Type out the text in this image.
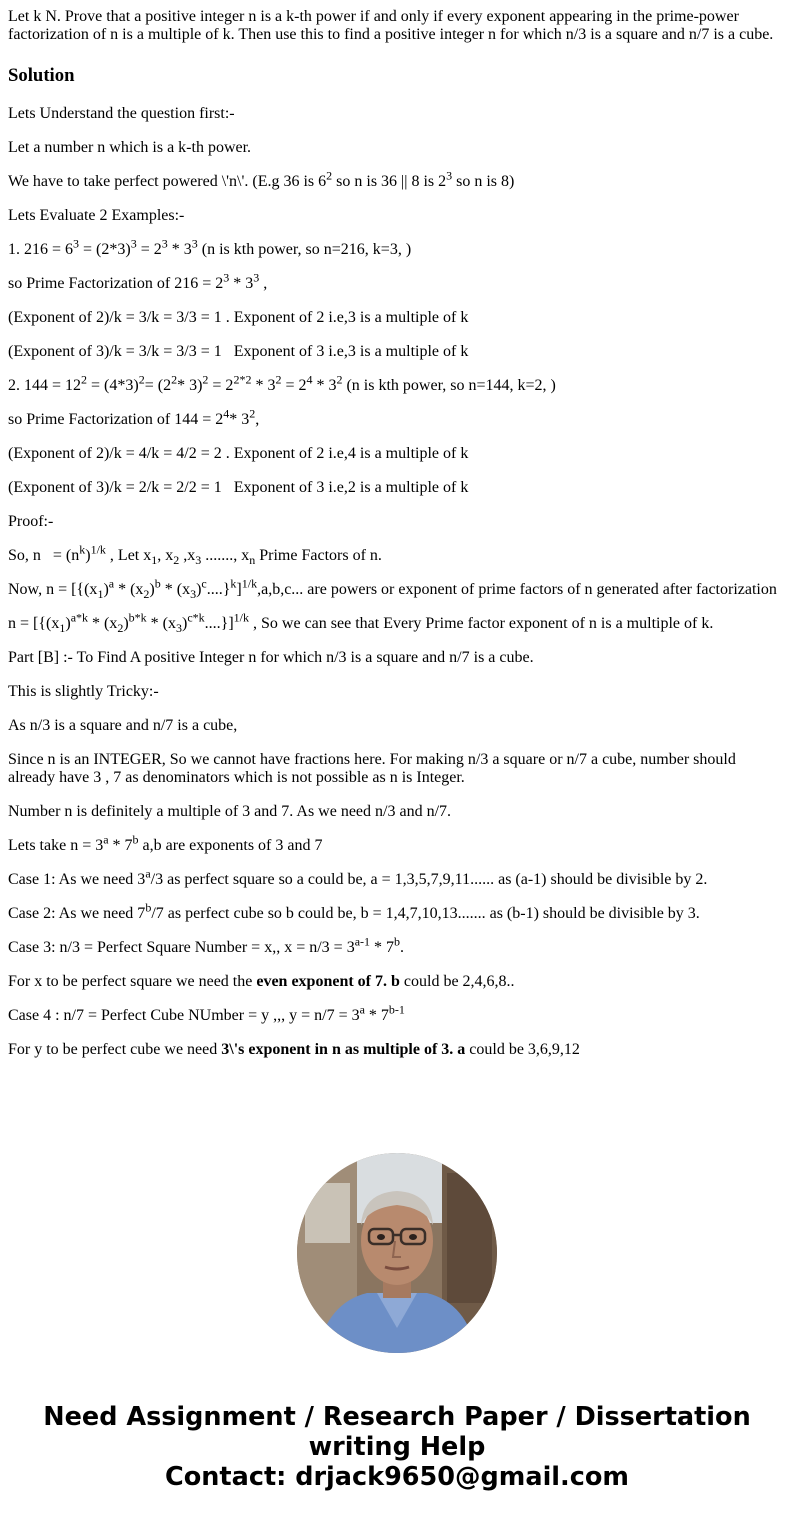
Let k N. Prove that a positive integer n is a k-th power if and only if every exponent appearing in the prime-power factorization of n is a multiple of k. Then use this to find a positive integer n for which n/3 is a square and n/7 is a cube.

Solution

Lets Understand the question first:-

Let a number n which is a k-th power.

We have to take perfect powered \'n\'. (E.g 36 is $6^2$ so n is 36 || 8 is $2^3$ so n is 8)

Lets Evaluate 2 Examples:-

1. $216 = 6^3 = (2*3)^3 = 2^3 * 3^3$ (n is kth power, so n=216, k=3, )

so Prime Factorization of $216 = 2^3 * 3^3$ ,

(Exponent of 2)/k = 3/k = 3/3 = 1 . Exponent of 2 i.e,3 is a multiple of k

(Exponent of 3)/k = 3/k = 3/3 = 1   Exponent of 3 i.e,3 is a multiple of k

2. $144 = 12^2 = (4*3)^2= (2^2*$ $3)^2 = 2^{2*2} * 3^2 = 2^4 * 3^2$ (n is kth power, so n=144, k=2, )

so Prime Factorization of $144 = 2^4*$ $3^2$,

(Exponent of 2)/k = 4/k = 4/2 = 2 . Exponent of 2 i.e,4 is a multiple of k

(Exponent of 3)/k = 2/k = 2/2 = 1   Exponent of 3 i.e,2 is a multiple of k

Proof:-

So, $n = (n^k)^{1/k}$ , Let $x_1$, $x_2$ $,x_3$ ......., $x_n$ Prime Factors of n.

Now, $n = [\{(x_1)^a * (x_2)^b * (x_3)^c....\}^k]^{1/k},a,b,c$... are powers or exponent of prime factors of n generated after factorization

$n = [\{(x_1)^{a*k} * (x_2)^{b*k} * (x_3)^{c*k}....\}]^{1/k}$ , So we can see that Every Prime factor exponent of n is a multiple of k.

Part [B] :- To Find A positive Integer n for which n/3 is a square and n/7 is a cube.

This is slightly Tricky:-

As n/3 is a square and n/7 is a cube,

Since n is an INTEGER, So we cannot have fractions here. For making n/3 a square or n/7 a cube, number should already have 3 , 7 as denominators which is not possible as n is Integer.

Number n is definitely a multiple of 3 and 7. As we need n/3 and n/7.

Lets take $n = 3^a * 7^b$ a,b are exponents of 3 and 7

Case 1: As we need 3$^a$/3 as perfect square so a could be, a = 1,3,5,7,9,11...... as (a-1) should be divisible by 2.

Case 2: As we need 7$^b$/7 as perfect cube so b could be, b = 1,4,7,10,13....... as (b-1) should be divisible by 3.

Case 3: n/3 = Perfect Square Number = x,, $x = n/3 = 3^{a-1} * 7^b$.

For x to be perfect square we need the even exponent of 7. b could be 2,4,6,8..

Case 4 : n/7 = Perfect Cube NUmber = y ,,, $y = n/7 = 3^a * 7^{b-1}$

For y to be perfect cube we need 3\'s exponent in n as multiple of 3. a could be 3,6,9,12

Need Assignment / Research Paper / Dissertation
writing Help
Contact: drjack9650@gmail.com
